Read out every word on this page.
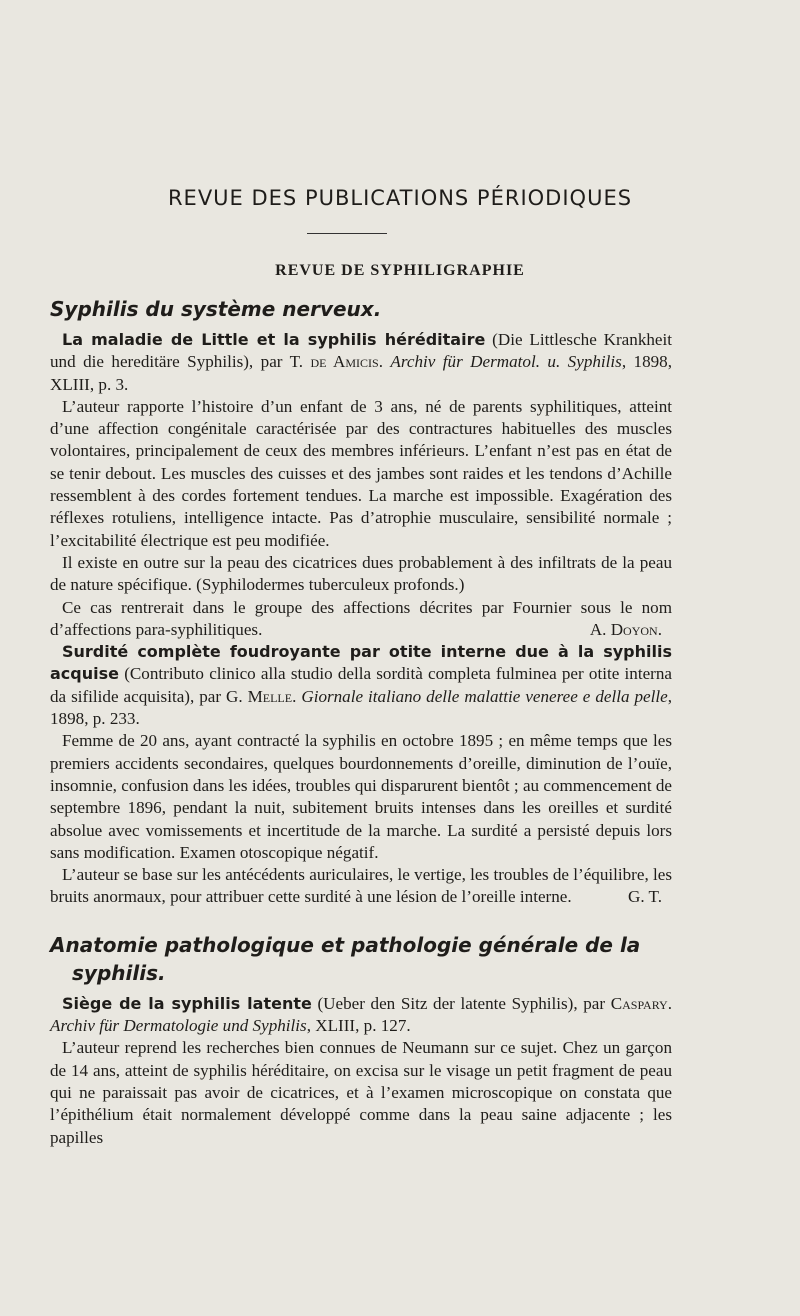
REVUE DES PUBLICATIONS PÉRIODIQUES
REVUE DE SYPHILIGRAPHIE
Syphilis du système nerveux.

La maladie de Little et la syphilis héréditaire (Die Littlesche Krankheit und die hereditäre Syphilis), par T. de Amicis. Archiv für Dermatol. u. Syphilis, 1898, XLIII, p. 3.

L’auteur rapporte l’histoire d’un enfant de 3 ans, né de parents syphilitiques, atteint d’une affection congénitale caractérisée par des contractures habituelles des muscles volontaires, principalement de ceux des membres inférieurs. L’enfant n’est pas en état de se tenir debout. Les muscles des cuisses et des jambes sont raides et les tendons d’Achille ressemblent à des cordes fortement tendues. La marche est impossible. Exagération des réflexes rotuliens, intelligence intacte. Pas d’atrophie musculaire, sensibilité normale ; l’excitabilité électrique est peu modifiée.

Il existe en outre sur la peau des cicatrices dues probablement à des infiltrats de la peau de nature spécifique. (Syphilodermes tuberculeux profonds.)

Ce cas rentrerait dans le groupe des affections décrites par Fournier sous le nom d’affections para-syphilitiques.	A. Doyon.

Surdité complète foudroyante par otite interne due à la syphilis acquise (Contributo clinico alla studio della sordità completa fulminea per otite interna da sifilide acquisita), par G. Melle. Giornale italiano delle malattie veneree e della pelle, 1898, p. 233.

Femme de 20 ans, ayant contracté la syphilis en octobre 1895 ; en même temps que les premiers accidents secondaires, quelques bourdonnements d’oreille, diminution de l’ouïe, insomnie, confusion dans les idées, troubles qui disparurent bientôt ; au commencement de septembre 1896, pendant la nuit, subitement bruits intenses dans les oreilles et surdité absolue avec vomissements et incertitude de la marche. La surdité a persisté depuis lors sans modification. Examen otoscopique négatif.

L’auteur se base sur les antécédents auriculaires, le vertige, les troubles de l’équilibre, les bruits anormaux, pour attribuer cette surdité à une lésion de l’oreille interne.	G. T.

Anatomie pathologique et pathologie générale de la
syphilis.

Siège de la syphilis latente (Ueber den Sitz der latente Syphilis), par Caspary. Archiv für Dermatologie und Syphilis, XLIII, p. 127.

L’auteur reprend les recherches bien connues de Neumann sur ce sujet. Chez un garçon de 14 ans, atteint de syphilis héréditaire, on excisa sur le visage un petit fragment de peau qui ne paraissait pas avoir de cicatrices, et à l’examen microscopique on constata que l’épithélium était normalement développé comme dans la peau saine adjacente ; les papilles
